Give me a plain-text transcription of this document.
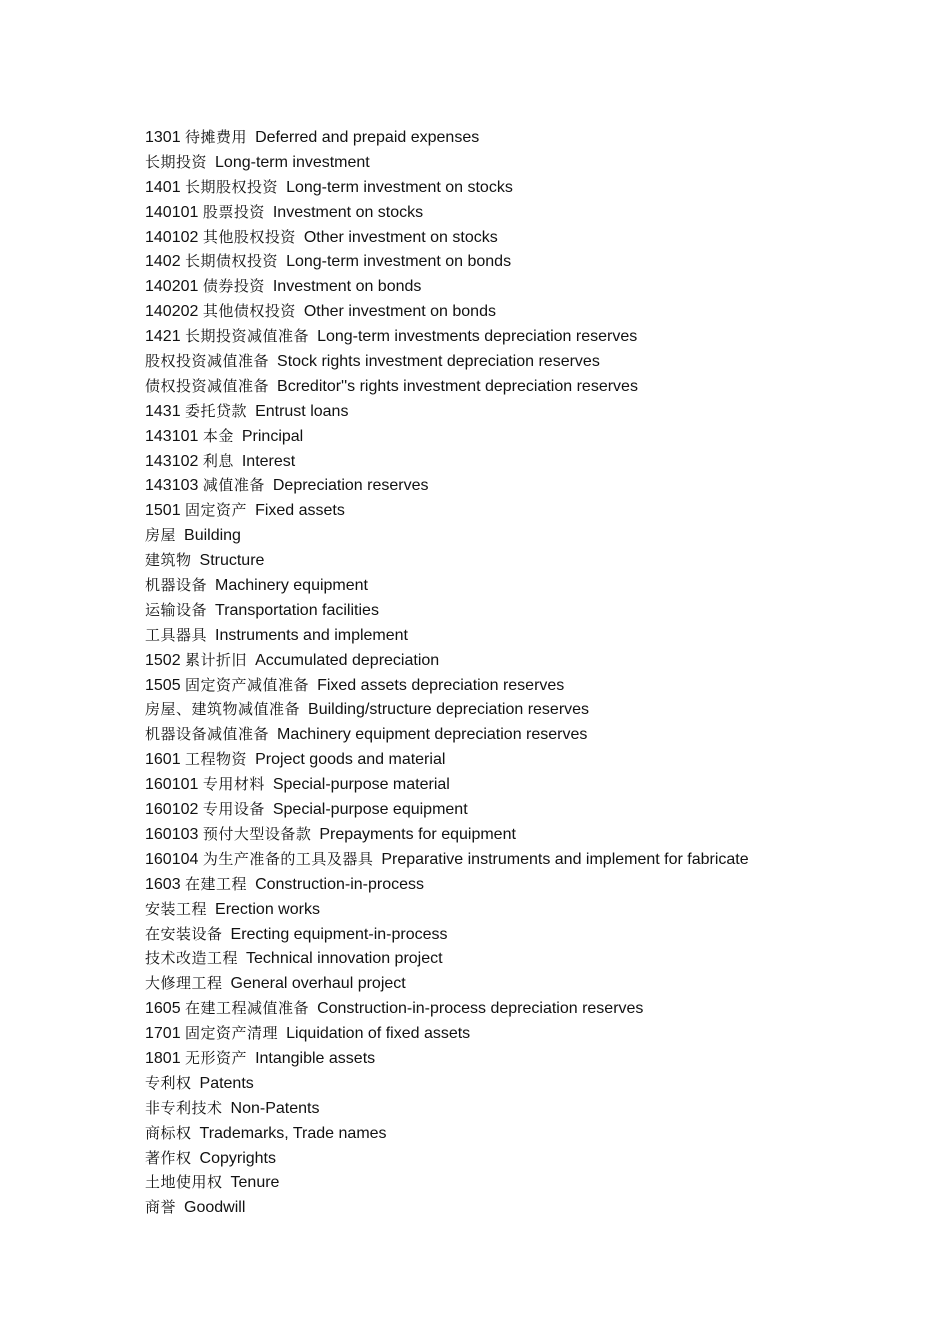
1301 待摊费用 Deferred and prepaid expenses
长期投资 Long-term investment
1401 长期股权投资 Long-term investment on stocks
140101 股票投资 Investment on stocks
140102 其他股权投资 Other investment on stocks
1402 长期债权投资 Long-term investment on bonds
140201 债券投资 Investment on bonds
140202 其他债权投资 Other investment on bonds
1421 长期投资减值准备 Long-term investments depreciation reserves
股权投资减值准备 Stock rights investment depreciation reserves
债权投资减值准备 Bcreditor''s rights investment depreciation reserves
1431 委托贷款 Entrust loans
143101 本金 Principal
143102 利息 Interest
143103 减值准备 Depreciation reserves
1501 固定资产 Fixed assets
房屋 Building
建筑物 Structure
机器设备 Machinery equipment
运输设备 Transportation facilities
工具器具 Instruments and implement
1502 累计折旧 Accumulated depreciation
1505 固定资产减值准备 Fixed assets depreciation reserves
房屋、建筑物减值准备 Building/structure depreciation reserves
机器设备减值准备 Machinery equipment depreciation reserves
1601 工程物资 Project goods and material
160101 专用材料 Special-purpose material
160102 专用设备 Special-purpose equipment
160103 预付大型设备款 Prepayments for equipment
160104 为生产准备的工具及器具 Preparative instruments and implement for fabricate
1603 在建工程 Construction-in-process
安装工程 Erection works
在安装设备 Erecting equipment-in-process
技术改造工程 Technical innovation project
大修理工程 General overhaul project
1605 在建工程减值准备 Construction-in-process depreciation reserves
1701 固定资产清理 Liquidation of fixed assets
1801 无形资产 Intangible assets
专利权 Patents
非专利技术 Non-Patents
商标权 Trademarks, Trade names
著作权 Copyrights
土地使用权 Tenure
商誉 Goodwill
